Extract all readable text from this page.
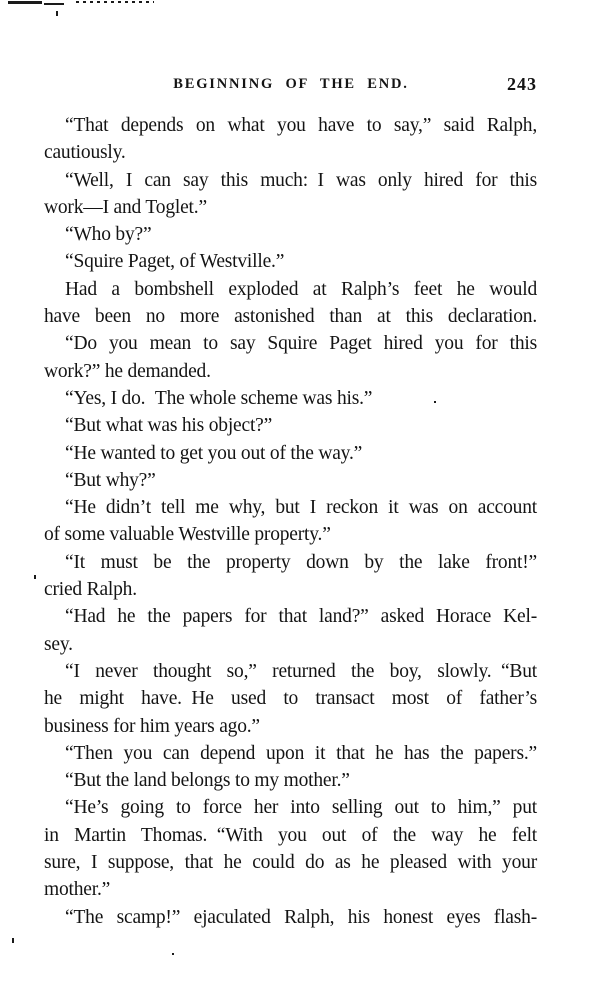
BEGINNING OF THE END.	243
“That depends on what you have to say,” said Ralph,
cautiously.
“Well, I can say this much: I was only hired for this
work—I and Toglet.”
“Who by?”
“Squire Paget, of Westville.”
Had a bombshell exploded at Ralph’s feet he would
have been no more astonished than at this declaration.
“Do you mean to say Squire Paget hired you for this
work?” he demanded.
“Yes, I do. The whole scheme was his.”
“But what was his object?”
“He wanted to get you out of the way.”
“But why?”
“He didn’t tell me why, but I reckon it was on account
of some valuable Westville property.”
“It must be the property down by the lake front!”
cried Ralph.
“Had he the papers for that land?” asked Horace Kel-
sey.
“I never thought so,” returned the boy, slowly. “But
he might have. He used to transact most of father’s
business for him years ago.”
“Then you can depend upon it that he has the papers.”
“But the land belongs to my mother.”
“He’s going to force her into selling out to him,” put
in Martin Thomas. “With you out of the way he felt
sure, I suppose, that he could do as he pleased with your
mother.”
“The scamp!” ejaculated Ralph, his honest eyes flash-
